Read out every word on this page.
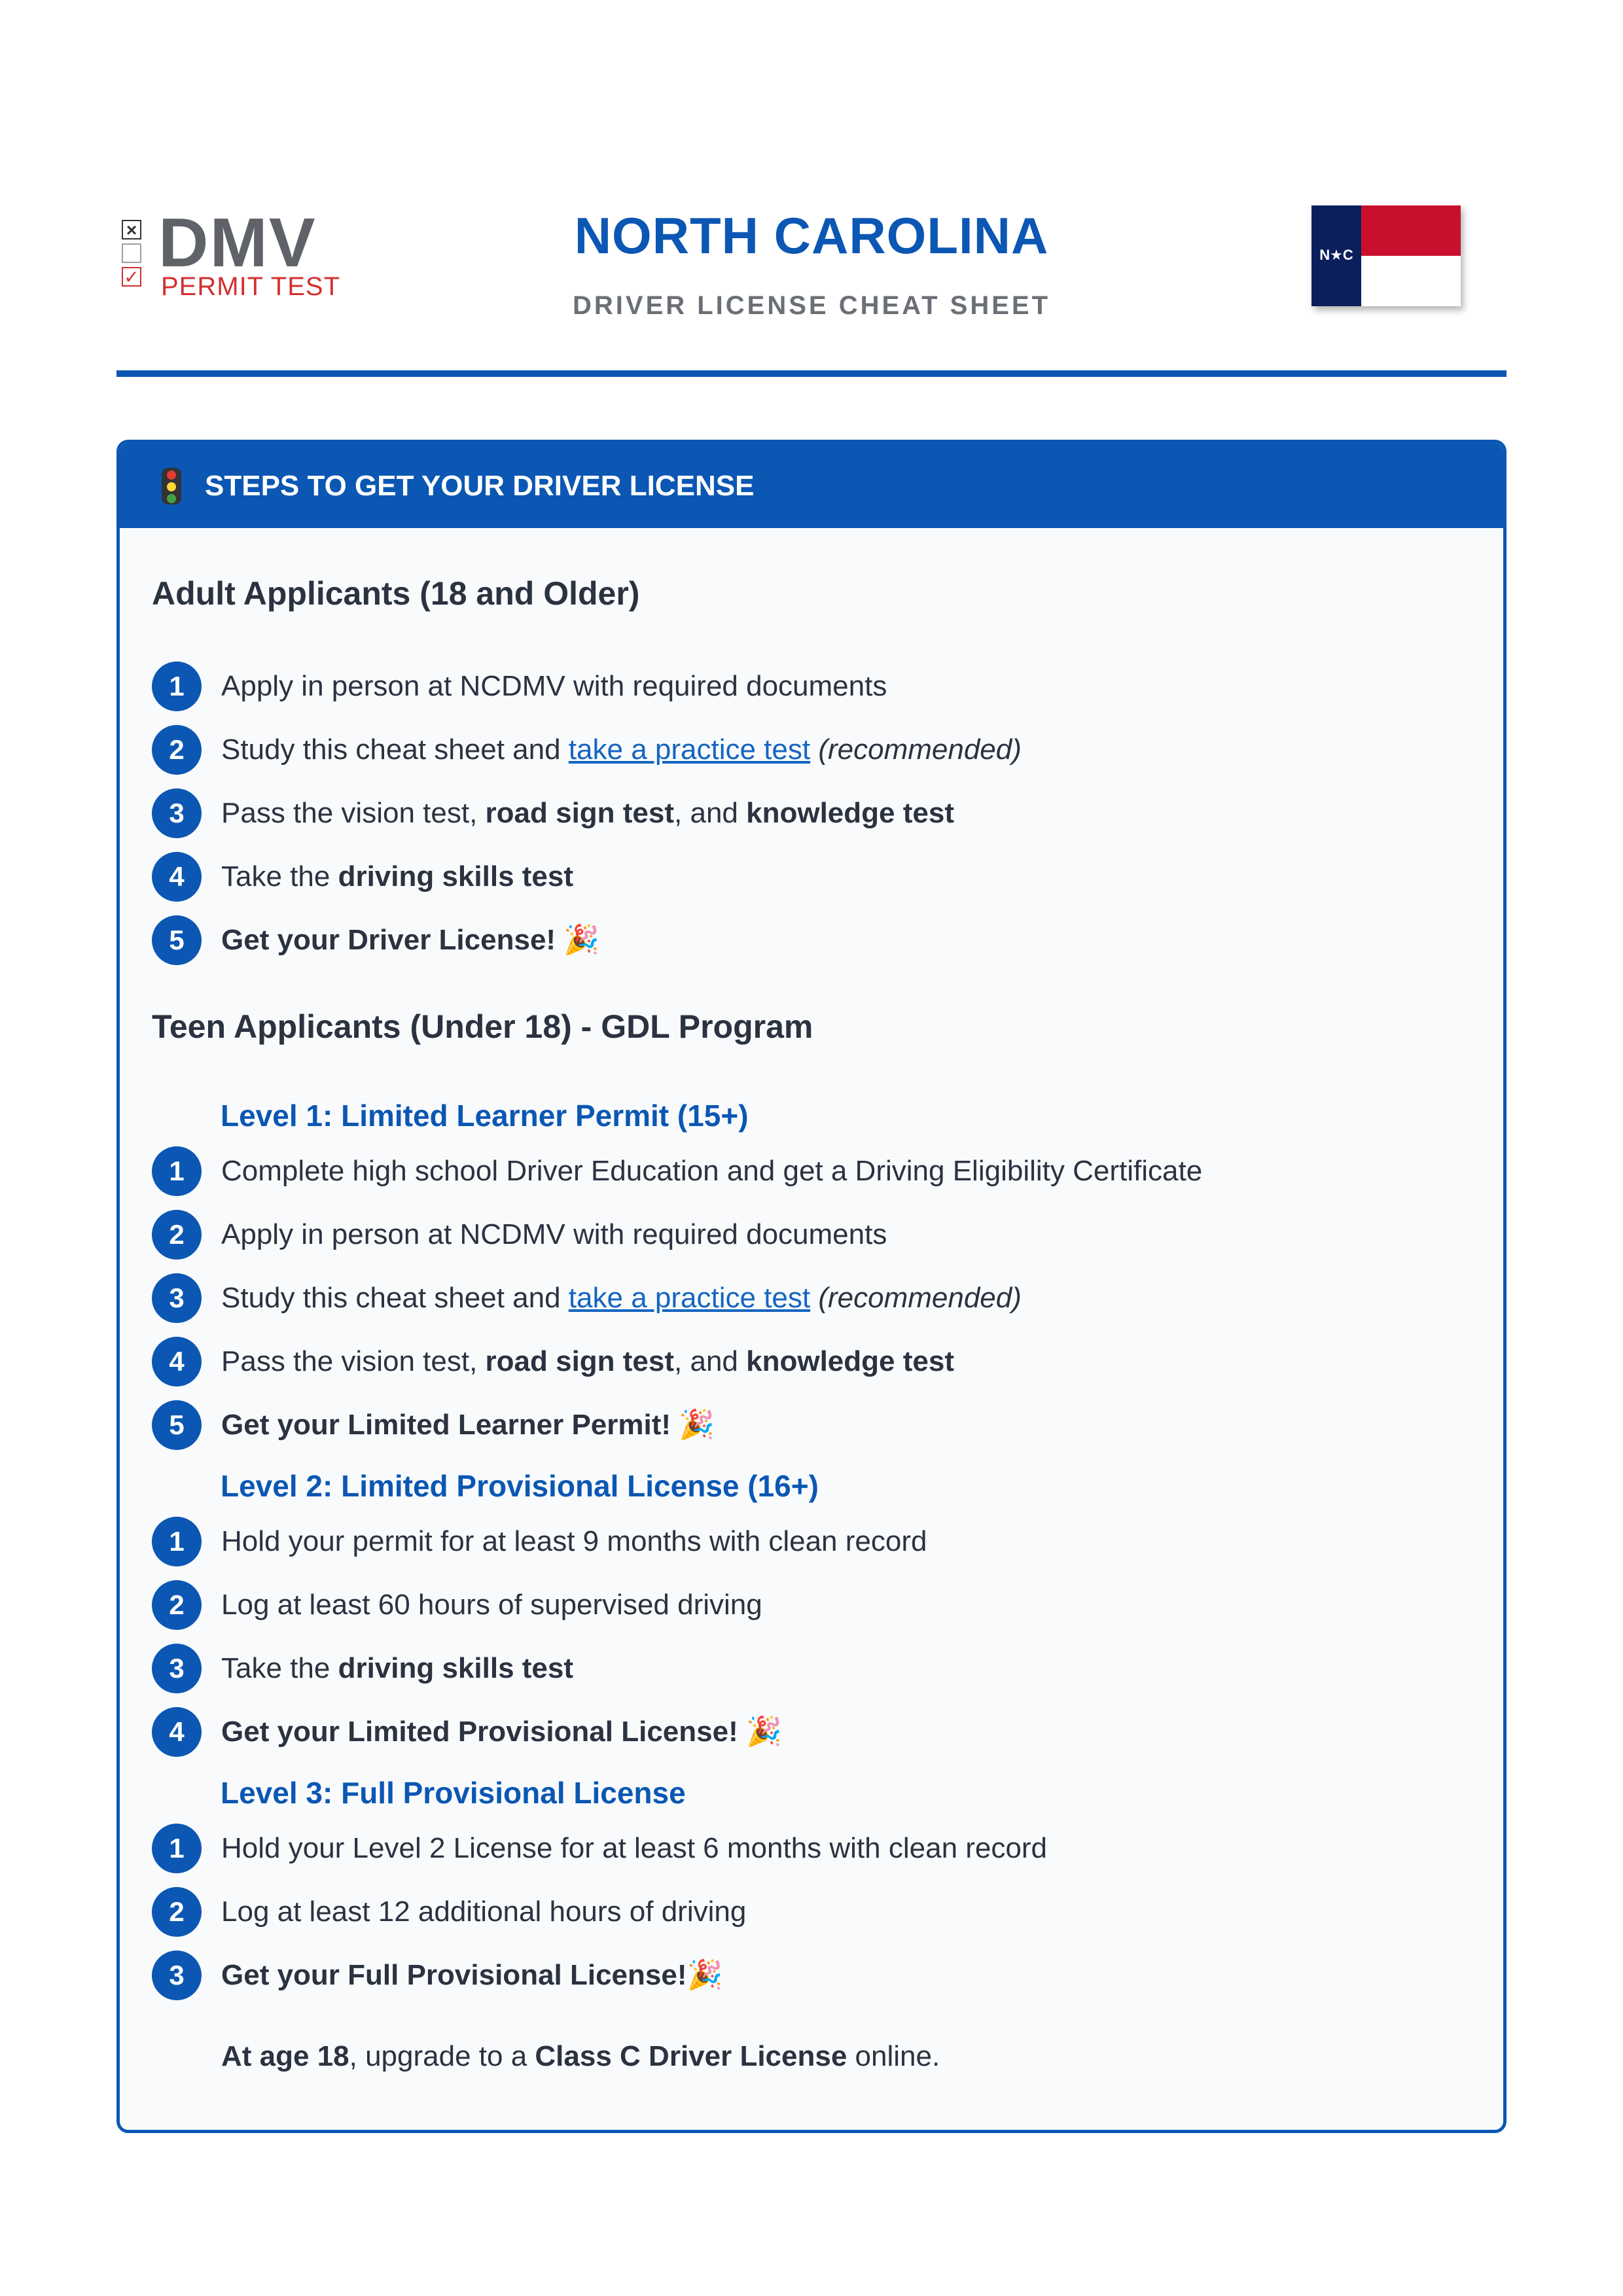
×
✓ DMV
PERMIT TEST
NORTH CAROLINA
DRIVER LICENSE CHEAT SHEET
N★C
STEPS TO GET YOUR DRIVER LICENSE
Adult Applicants (18 and Older)
1	Apply in person at NCDMV with required documents
2	Study this cheat sheet and take a practice test (recommended)
3	Pass the vision test, road sign test, and knowledge test
4	Take the driving skills test
5	Get your Driver License! 🎉
Teen Applicants (Under 18) - GDL Program
Level 1: Limited Learner Permit (15+)
1	Complete high school Driver Education and get a Driving Eligibility Certificate
2	Apply in person at NCDMV with required documents
3	Study this cheat sheet and take a practice test (recommended)
4	Pass the vision test, road sign test, and knowledge test
5	Get your Limited Learner Permit! 🎉
Level 2: Limited Provisional License (16+)
1	Hold your permit for at least 9 months with clean record
2	Log at least 60 hours of supervised driving
3	Take the driving skills test
4	Get your Limited Provisional License! 🎉
Level 3: Full Provisional License
1	Hold your Level 2 License for at least 6 months with clean record
2	Log at least 12 additional hours of driving
3	Get your Full Provisional License!🎉
At age 18, upgrade to a Class C Driver License online.
